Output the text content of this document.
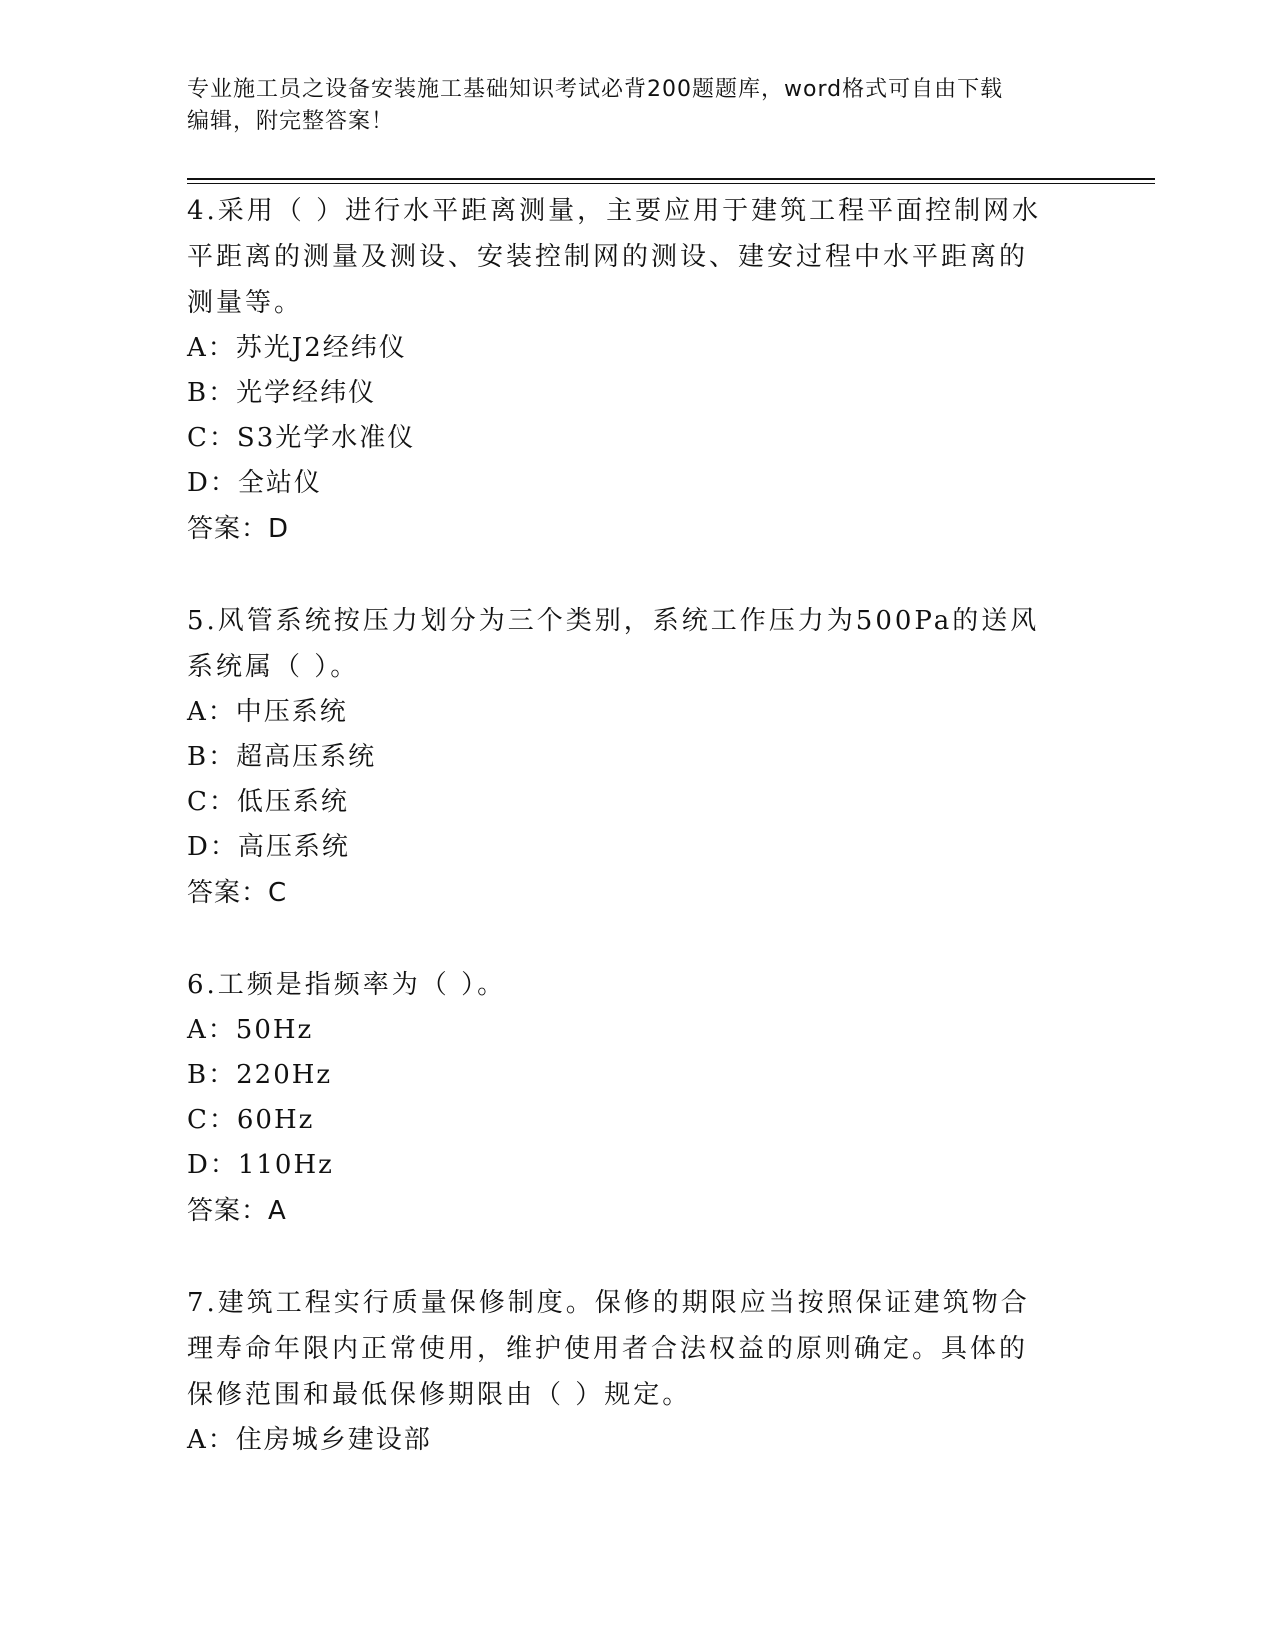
专业施工员之设备安装施工基础知识考试必背200题题库，word格式可自由下载
编辑，附完整答案！
4.采用（ ）进行水平距离测量，主要应用于建筑工程平面控制网水平距离的测量及测设、安装控制网的测设、建安过程中水平距离的测量等。
A：苏光J2经纬仪
B：光学经纬仪
C：S3光学水准仪
D：全站仪
答案：D
5.风管系统按压力划分为三个类别，系统工作压力为500Pa的送风系统属（ ）。
A：中压系统
B：超高压系统
C：低压系统
D：高压系统
答案：C
6.工频是指频率为（ ）。
A：50Hz
B：220Hz
C：60Hz
D：110Hz
答案：A
7.建筑工程实行质量保修制度。保修的期限应当按照保证建筑物合理寿命年限内正常使用，维护使用者合法权益的原则确定。具体的保修范围和最低保修期限由（ ）规定。
A：住房城乡建设部
